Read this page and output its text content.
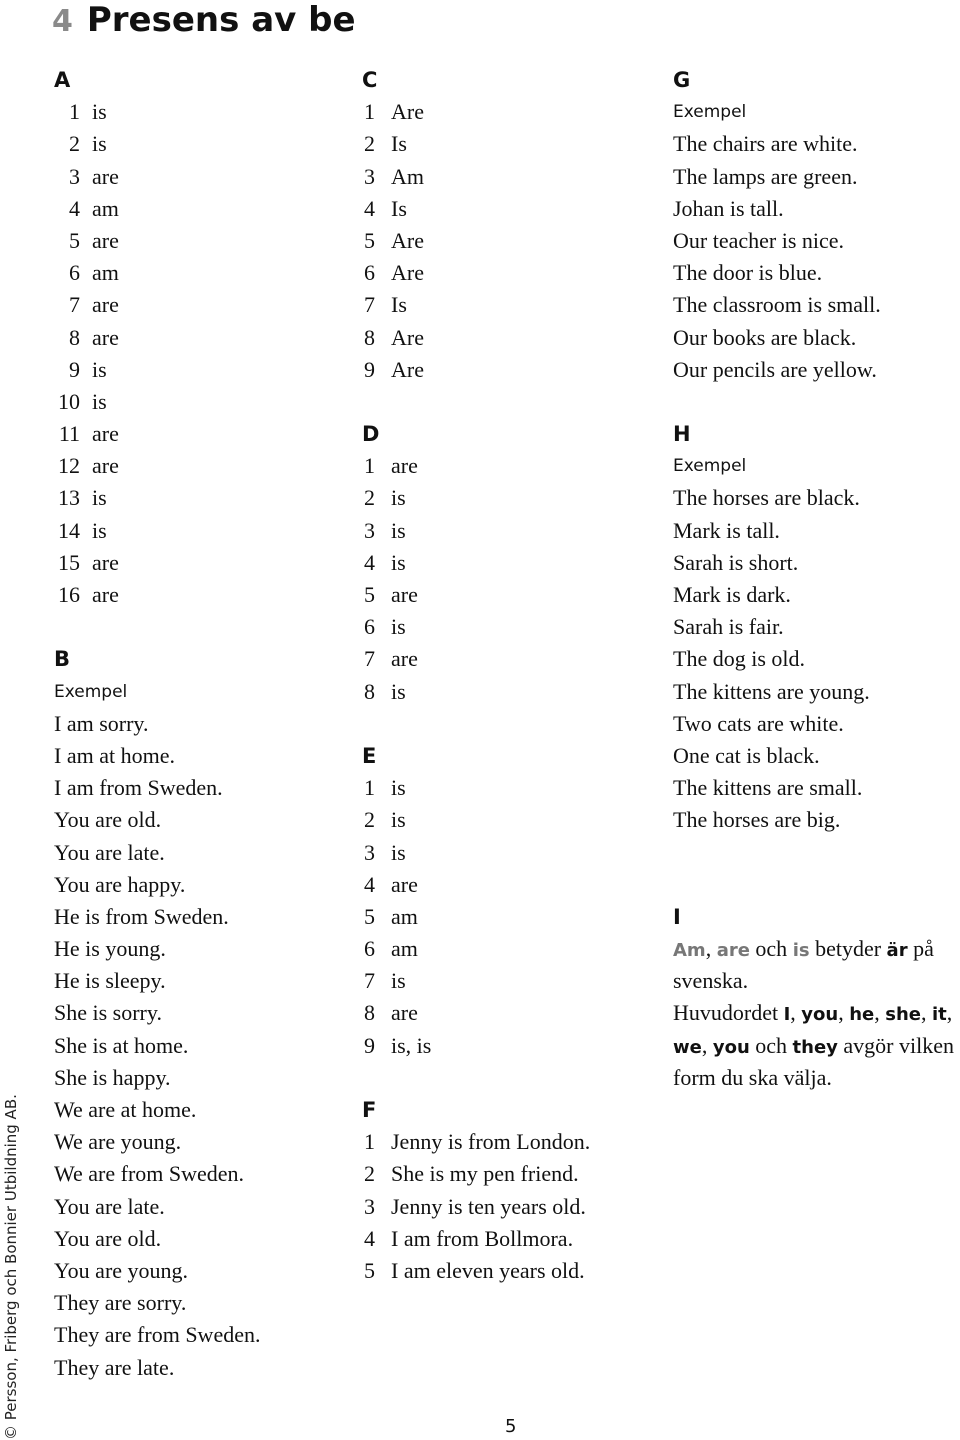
4 Presens av be
A
1 is
2 is
3 are
4 am
5 are
6 am
7 are
8 are
9 is
10 is
11 are
12 are
13 is
14 is
15 are
16 are
B
Exempel
I am sorry.
I am at home.
I am from Sweden.
You are old.
You are late.
You are happy.
He is from Sweden.
He is young.
He is sleepy.
She is sorry.
She is at home.
She is happy.
We are at home.
We are young.
We are from Sweden.
You are late.
You are old.
You are young.
They are sorry.
They are from Sweden.
They are late.
C
1 Are
2 Is
3 Am
4 Is
5 Are
6 Are
7 Is
8 Are
9 Are
D
1 are
2 is
3 is
4 is
5 are
6 is
7 are
8 is
E
1 is
2 is
3 is
4 are
5 am
6 am
7 is
8 are
9 is, is
F
1 Jenny is from London.
2 She is my pen friend.
3 Jenny is ten years old.
4 I am from Bollmora.
5 I am eleven years old.
G
Exempel
The chairs are white.
The lamps are green.
Johan is tall.
Our teacher is nice.
The door is blue.
The classroom is small.
Our books are black.
Our pencils are yellow.
H
Exempel
The horses are black.
Mark is tall.
Sarah is short.
Mark is dark.
Sarah is fair.
The dog is old.
The kittens are young.
Two cats are white.
One cat is black.
The kittens are small.
The horses are big.
I
Am, are och is betyder är på
svenska.
Huvudordet I, you, he, she, it,
we, you och they avgör vilken
form du ska välja.
© Persson, Friberg och Bonnier Utbildning AB.	5
